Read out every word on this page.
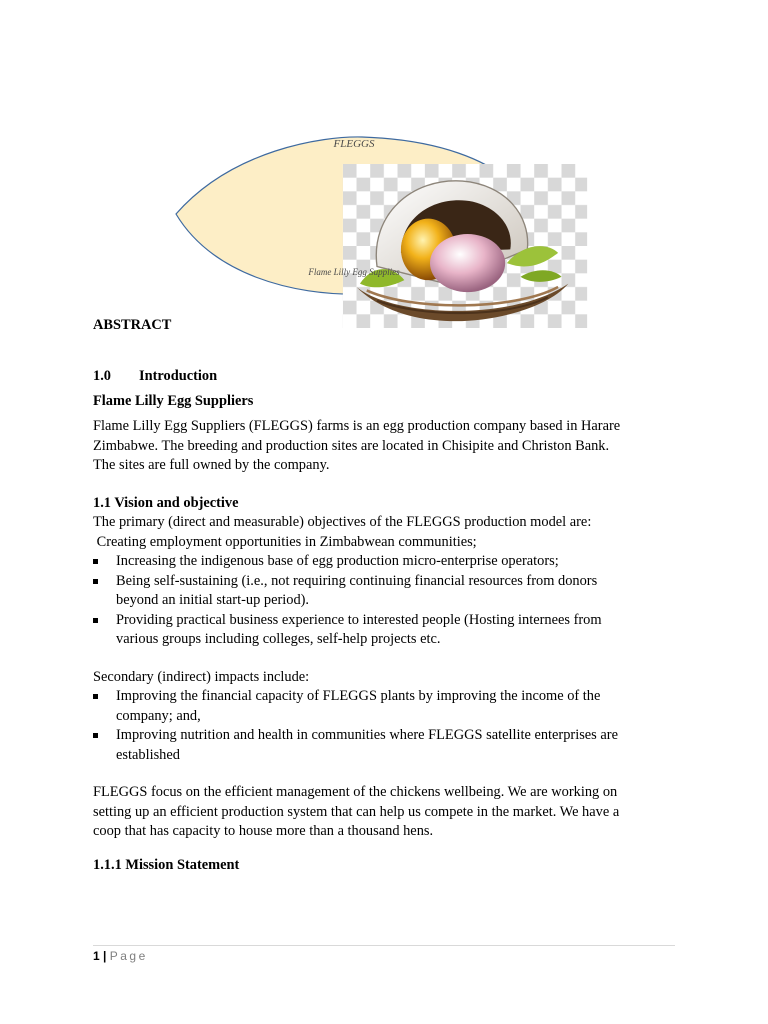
FLEGGS
Flame Lilly Egg Supplies
ABSTRACT
1.0 Introduction
Flame Lilly Egg Suppliers
Flame Lilly Egg Suppliers (FLEGGS) farms is an egg production company based in Harare
Zimbabwe. The breeding and production sites are located in Chisipite and Christon Bank.
The sites are full owned by the company.
1.1 Vision and objective
The primary (direct and measurable) objectives of the FLEGGS production model are:
Creating employment opportunities in Zimbabwean communities;
Increasing the indigenous base of egg production micro-enterprise operators;
Being self-sustaining (i.e., not requiring continuing financial resources from donors
beyond an initial start-up period).
Providing practical business experience to interested people (Hosting internees from
various groups including colleges, self-help projects etc.
Secondary (indirect) impacts include:
Improving the financial capacity of FLEGGS plants by improving the income of the
company; and,
Improving nutrition and health in communities where FLEGGS satellite enterprises are
established
FLEGGS focus on the efficient management of the chickens wellbeing. We are working on
setting up an efficient production system that can help us compete in the market. We have a
coop that has capacity to house more than a thousand hens.
1.1.1 Mission Statement
1 | Page
